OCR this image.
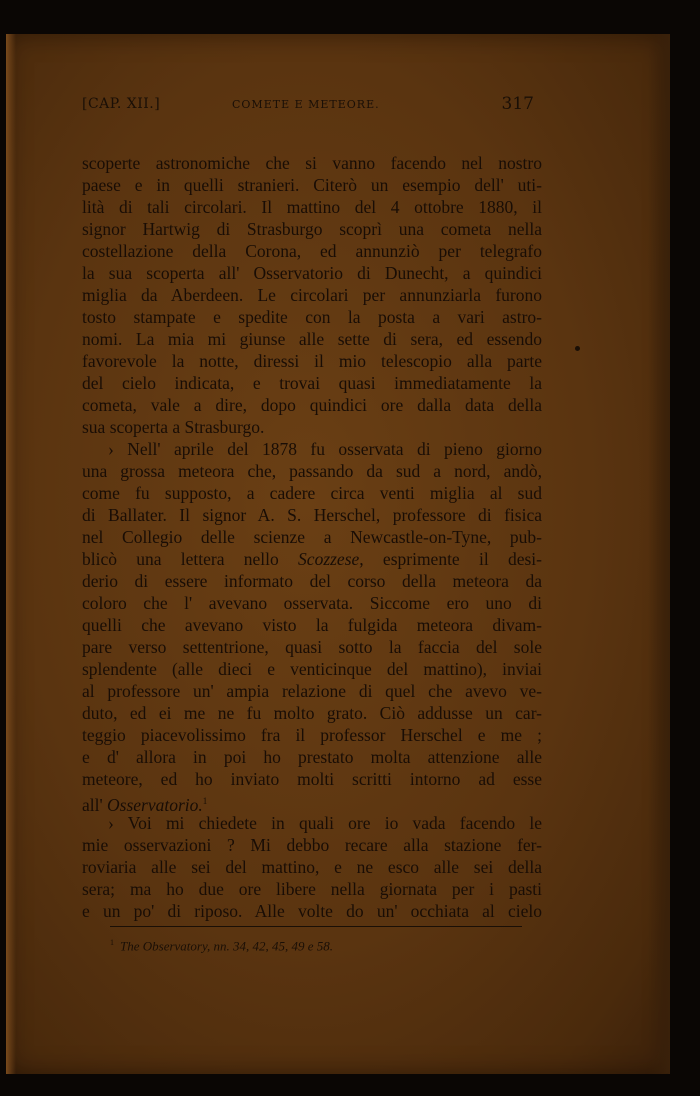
[CAP. XII.]	COMETE E METEORE.	317
scoperte astronomiche che si vanno facendo nel nostro
paese e in quelli stranieri. Citerò un esempio dell' uti-
lità di tali circolari. Il mattino del 4 ottobre 1880, il
signor Hartwig di Strasburgo scoprì una cometa nella
costellazione della Corona, ed annunziò per telegrafo
la sua scoperta all' Osservatorio di Dunecht, a quindici
miglia da Aberdeen. Le circolari per annunziarla furono
tosto stampate e spedite con la posta a vari astro-
nomi. La mia mi giunse alle sette di sera, ed essendo
favorevole la notte, diressi il mio telescopio alla parte
del cielo indicata, e trovai quasi immediatamente la
cometa, vale a dire, dopo quindici ore dalla data della
sua scoperta a Strasburgo.
› Nell' aprile del 1878 fu osservata di pieno giorno
una grossa meteora che, passando da sud a nord, andò,
come fu supposto, a cadere circa venti miglia al sud
di Ballater. Il signor A. S. Herschel, professore di fisica
nel Collegio delle scienze a Newcastle-on-Tyne, pub-
blicò una lettera nello Scozzese, esprimente il desi-
derio di essere informato del corso della meteora da
coloro che l' avevano osservata. Siccome ero uno di
quelli che avevano visto la fulgida meteora divam-
pare verso settentrione, quasi sotto la faccia del sole
splendente (alle dieci e venticinque del mattino), inviai
al professore un' ampia relazione di quel che avevo ve-
duto, ed ei me ne fu molto grato. Ciò addusse un car-
teggio piacevolissimo fra il professor Herschel e me ;
e d' allora in poi ho prestato molta attenzione alle
meteore, ed ho inviato molti scritti intorno ad esse
all' Osservatorio.$^1$
› Voi mi chiedete in quali ore io vada facendo le
mie osservazioni ? Mi debbo recare alla stazione fer-
roviaria alle sei del mattino, e ne esco alle sei della
sera; ma ho due ore libere nella giornata per i pasti
e un po' di riposo. Alle volte do un' occhiata al cielo
$^1$ The Observatory, nn. 34, 42, 45, 49 e 58.
